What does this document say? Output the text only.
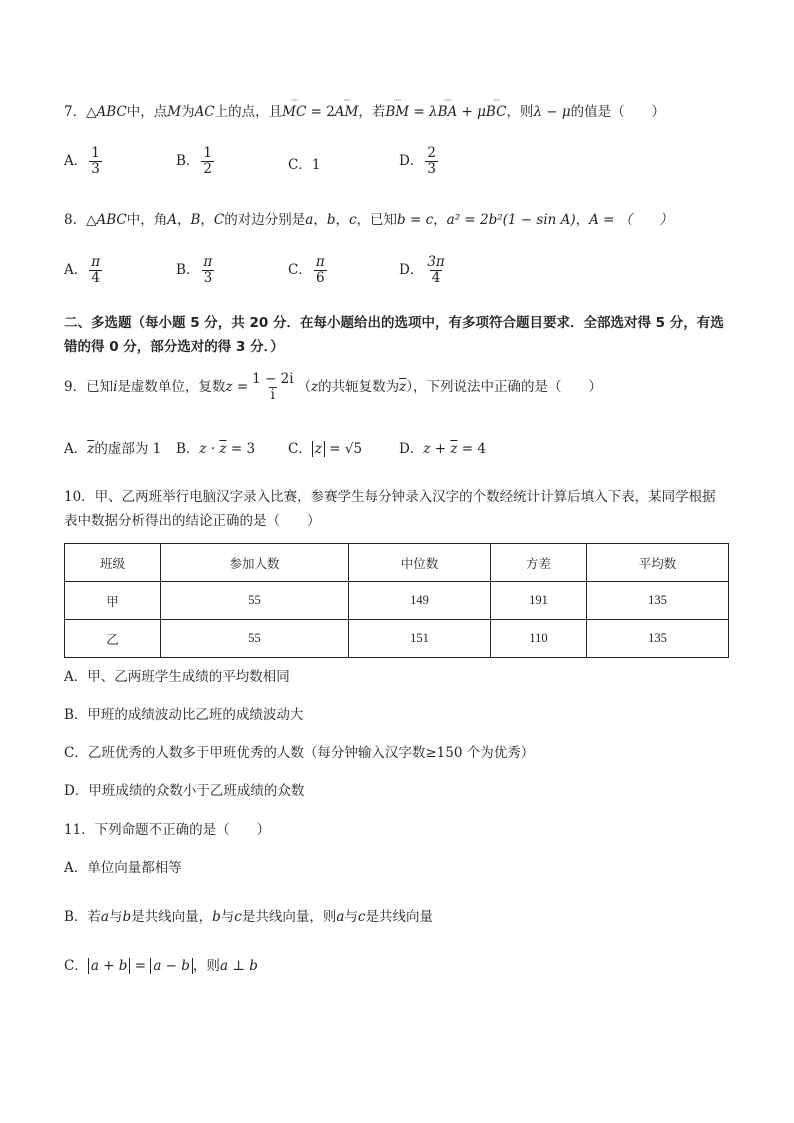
7．△ABC中，点M为AC上的点，且
ᵕᵕᵕ
MC = 2
ᵕᵕᵕ
AM，若
ᵕᵕᵕ
BM = λ
ᵕᵕᵕ
BA + μ
ᵕᵕᵕ
BC，则λ − μ的值是（　　）
A． $\frac{1}{3}$	B． $\frac{1}{2}$	C．1	D． $\frac{2}{3}$
8．△ABC中，角A，B，C的对边分别是a，b，c，已知b = c，a² = 2b²(1 − sin A)，A = （　　）
A． $\frac{\pi}{4}$	B． $\frac{\pi}{3}$	C． $\frac{\pi}{6}$	D． $\frac{3\pi}{4}$
二、多选题（每小题 5 分，共 20 分．在每小题给出的选项中，有多项符合题目要求．全部选对得 5 分，有选
错的得 0 分，部分选对的得 3 分．）
9．已知i是虚数单位，复数$z = \frac{1 - 2i}{i} (z$的共轭复数为$\overline{z}$），下列说法中正确的是（　　）
A．$\overline{z}$的虚部为 1 B．$z \cdot \overline{z} = 3$ C． z = √5	D．$z + \overline{z} = 4$
10．甲、乙两班举行电脑汉字录入比赛，参赛学生每分钟录入汉字的个数经统计计算后填入下表，某同学根据
表中数据分析得出的结论正确的是（　　）
班级	参加人数	中位数	方差	平均数
甲	55	149	191	135
乙	55	151	110	135
A．甲、乙两班学生成绩的平均数相同
B．甲班的成绩波动比乙班的成绩波动大
C．乙班优秀的人数多于甲班优秀的人数（每分钟输入汉字数≥150 个为优秀）
D．甲班成绩的众数小于乙班成绩的众数
11．下列命题不正确的是（　　）
A．单位向量都相等
B．若a与b是共线向量，b与c是共线向量，则a与c是共线向量
C． a + b = a − b ，则a ⊥ b
